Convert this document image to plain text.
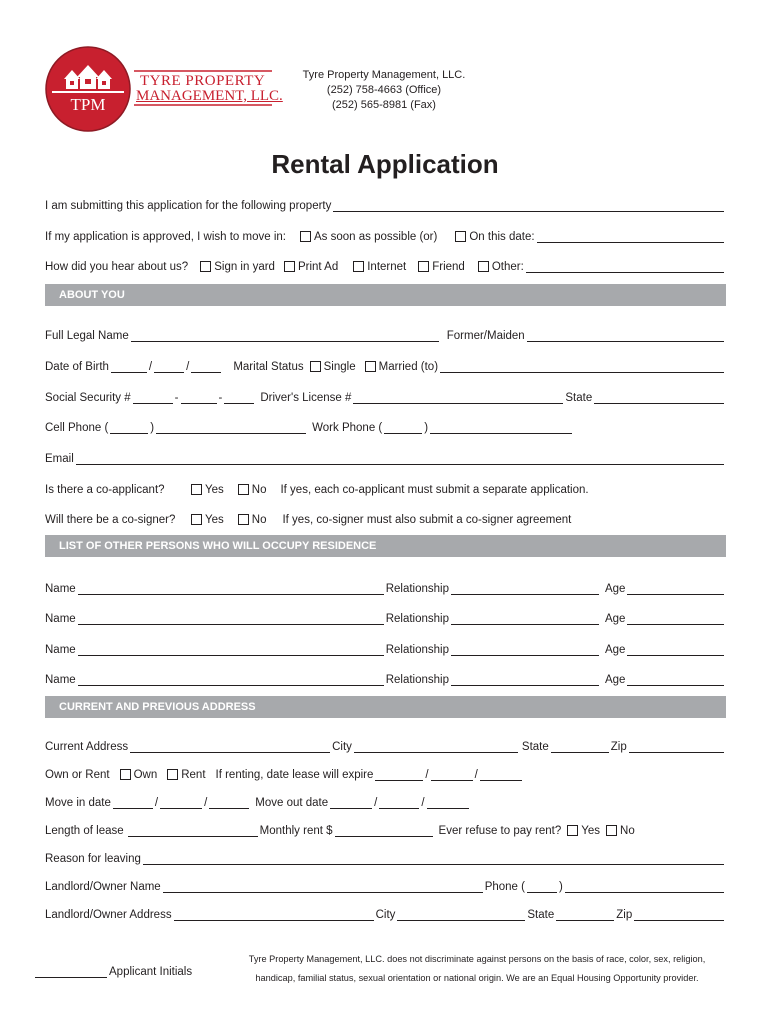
TPM
TYRE PROPERTY
MANAGEMENT, LLC.
Tyre Property Management, LLC.
(252) 758-4663 (Office)
(252) 565-8981 (Fax)
Rental Application
I am submitting this application for the following property
If my application is approved, I wish to move in: As soon as possible (or)	On this date:
How did you hear about us? Sign in yard Print Ad	Internet Friend Other:
ABOUT YOU
Full Legal Name	Former/Maiden
Date of Birth	/	/	Marital Status Single Married (to)
Social Security #	-	-	Driver's License #	State
Cell Phone (	)	Work Phone (	)
Email
Is there a co-applicant?	Yes No If yes, each co-applicant must submit a separate application.
Will there be a co-signer?	Yes No If yes, co-signer must also submit a co-signer agreement
LIST OF OTHER PERSONS WHO WILL OCCUPY RESIDENCE
Name	Relationship	Age
Name	Relationship	Age
Name	Relationship	Age
Name	Relationship	Age
CURRENT AND PREVIOUS ADDRESS
Current Address	City	State	Zip
Own or Rent Own Rent If renting, date lease will expire	/	/
Move in date	/	/	Move out date	/	/
Length of lease	Monthly rent $	Ever refuse to pay rent? Yes No
Reason for leaving
Landlord/Owner Name	Phone (	)
Landlord/Owner Address	City	State	Zip
Applicant Initials
Tyre Property Management, LLC. does not discriminate against persons on the basis of race, color, sex, religion,
handicap, familial status, sexual orientation or national origin. We are an Equal Housing Opportunity provider.
